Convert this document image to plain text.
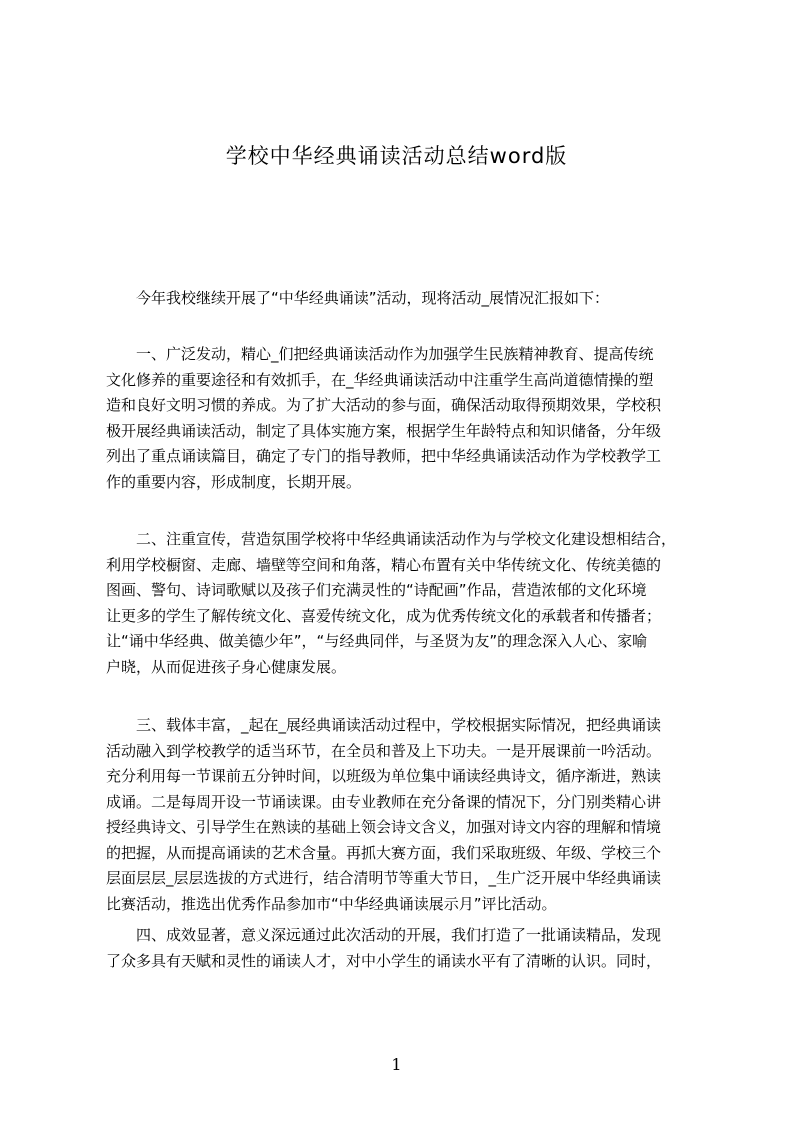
学校中华经典诵读活动总结word版
　　今年我校继续开展了“中华经典诵读”活动，现将活动_展情况汇报如下：
　　一、广泛发动，精心_们把经典诵读活动作为加强学生民族精神教育、提高传统
文化修养的重要途径和有效抓手，在_华经典诵读活动中注重学生高尚道德情操的塑
造和良好文明习惯的养成。为了扩大活动的参与面，确保活动取得预期效果，学校积
极开展经典诵读活动，制定了具体实施方案，根据学生年龄特点和知识储备，分年级
列出了重点诵读篇目，确定了专门的指导教师，把中华经典诵读活动作为学校教学工
作的重要内容，形成制度，长期开展。
　　二、注重宣传，营造氛围学校将中华经典诵读活动作为与学校文化建设想相结合，
利用学校橱窗、走廊、墙壁等空间和角落，精心布置有关中华传统文化、传统美德的
图画、警句、诗词歌赋以及孩子们充满灵性的“诗配画”作品，营造浓郁的文化环境
让更多的学生了解传统文化、喜爱传统文化，成为优秀传统文化的承载者和传播者；
让“诵中华经典、做美德少年”，“与经典同伴，与圣贤为友”的理念深入人心、家喻
户晓，从而促进孩子身心健康发展。
　　三、载体丰富，_起在_展经典诵读活动过程中，学校根据实际情况，把经典诵读
活动融入到学校教学的适当环节，在全员和普及上下功夫。一是开展课前一吟活动。
充分利用每一节课前五分钟时间，以班级为单位集中诵读经典诗文，循序渐进，熟读
成诵。二是每周开设一节诵读课。由专业教师在充分备课的情况下，分门别类精心讲
授经典诗文、引导学生在熟读的基础上领会诗文含义，加强对诗文内容的理解和情境
的把握，从而提高诵读的艺术含量。再抓大赛方面，我们采取班级、年级、学校三个
层面层层_层层选拔的方式进行，结合清明节等重大节日，_生广泛开展中华经典诵读
比赛活动，推选出优秀作品参加市“中华经典诵读展示月”评比活动。
　　四、成效显著，意义深远通过此次活动的开展，我们打造了一批诵读精品，发现
了众多具有天赋和灵性的诵读人才，对中小学生的诵读水平有了清晰的认识。同时，
1
